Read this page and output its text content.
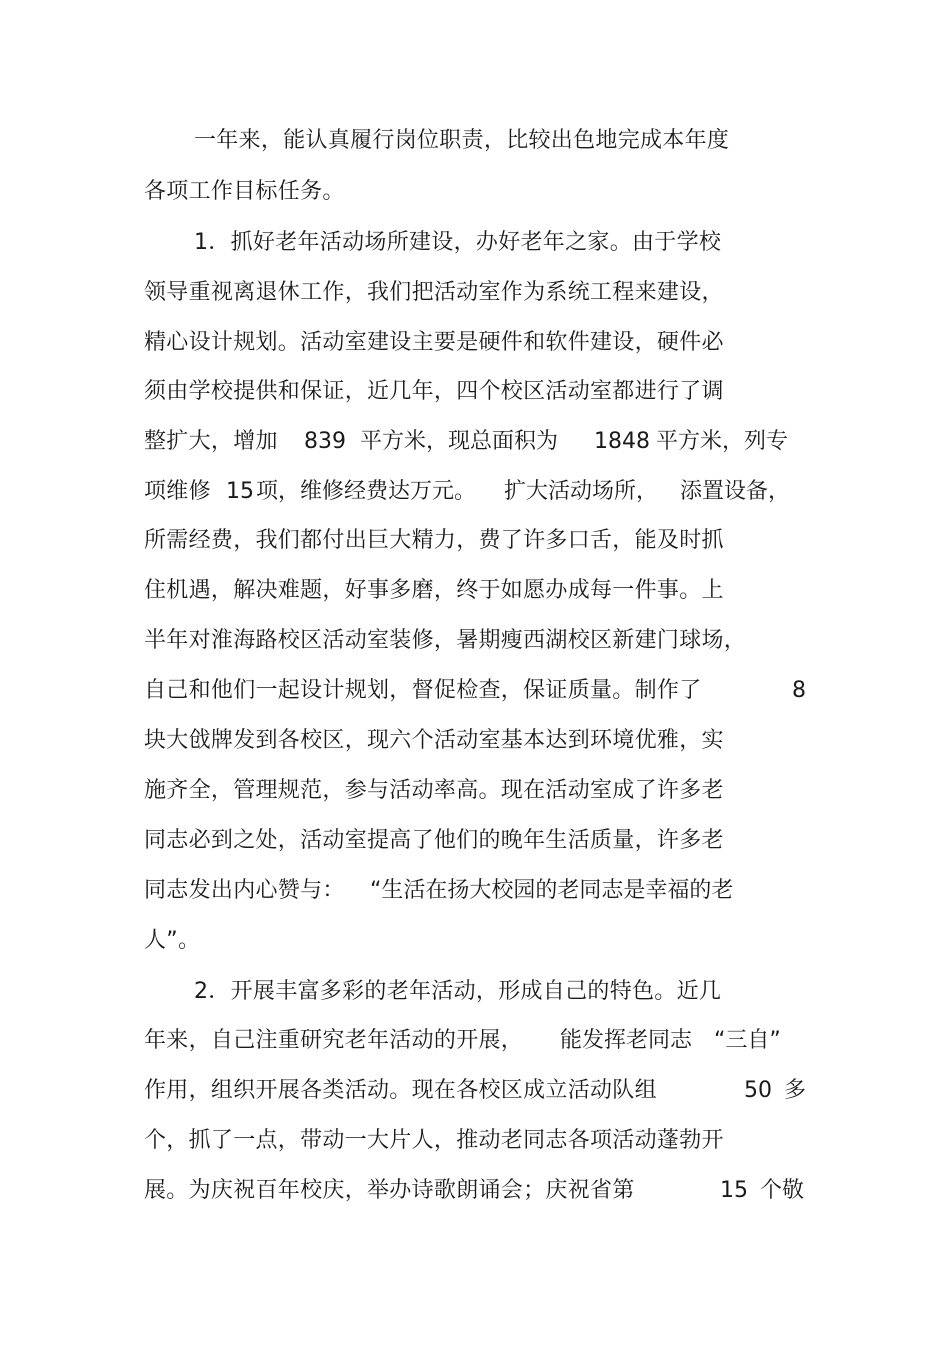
一年来，能认真履行岗位职责，比较出色地完成本年度
各项工作目标任务。
1．抓好老年活动场所建设，办好老年之家。由于学校
领导重视离退休工作，我们把活动室作为系统工程来建设，
精心设计规划。活动室建设主要是硬件和软件建设，硬件必
须由学校提供和保证，近几年，四个校区活动室都进行了调
整扩大，增加 839 平方米，现总面积为 1848 平方米，列专
项维修 15 项，维修经费达万元。 扩大活动场所， 添置设备，
所需经费，我们都付出巨大精力，费了许多口舌，能及时抓
住机遇，解决难题，好事多磨，终于如愿办成每一件事。上
半年对淮海路校区活动室装修，暑期瘦西湖校区新建门球场，
自己和他们一起设计规划，督促检查，保证质量。制作了	8
块大戗牌发到各校区，现六个活动室基本达到环境优雅，实
施齐全，管理规范，参与活动率高。现在活动室成了许多老
同志必到之处，活动室提高了他们的晚年生活质量，许多老
同志发出内心赞与： “生活在扬大校园的老同志是幸福的老
人”。
2．开展丰富多彩的老年活动，形成自己的特色。近几
年来，自己注重研究老年活动的开展， 能发挥老同志 “三自”
作用，组织开展各类活动。现在各校区成立活动队组	50 多
个，抓了一点，带动一大片人，推动老同志各项活动蓬勃开
展。为庆祝百年校庆，举办诗歌朗诵会；庆祝省第	15 个敬
